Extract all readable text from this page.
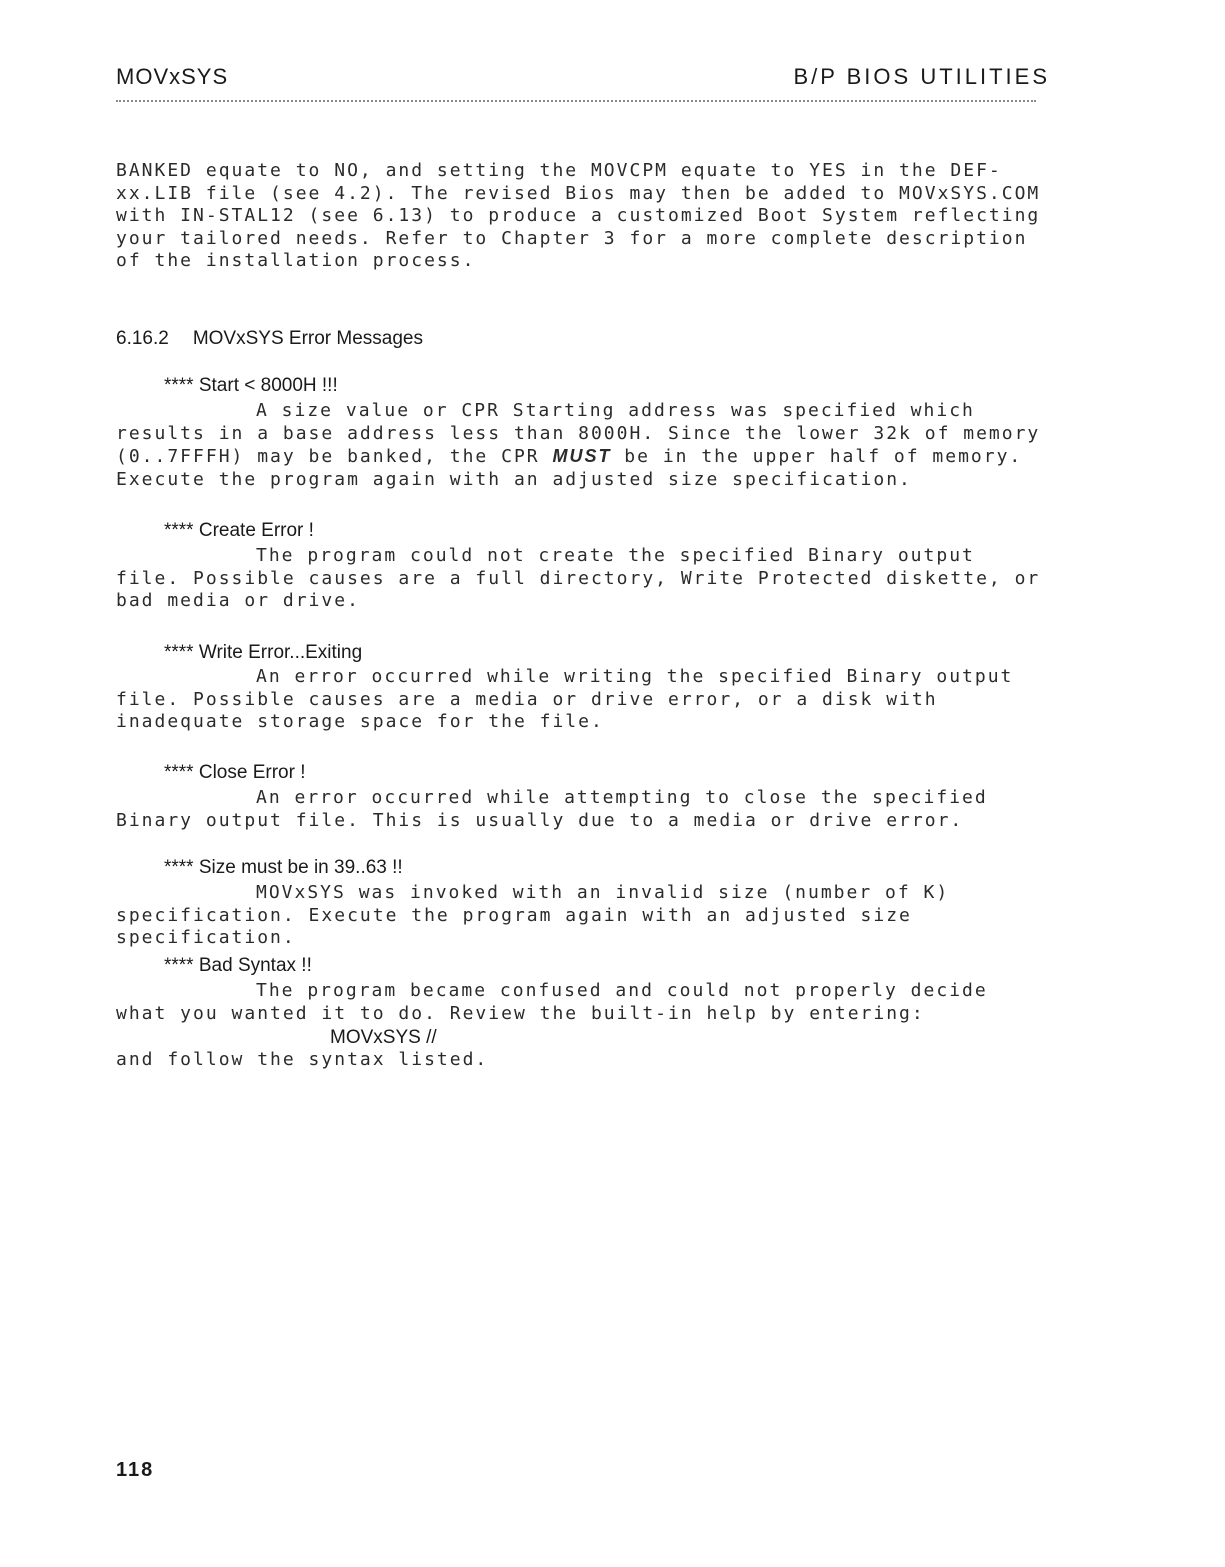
MOVxSYS	B/P BIOS UTILITIES
BANKED equate to NO, and setting the MOVCPM equate to YES in the DEF-xx.LIB file (see 4.2). The revised Bios may then be added to MOVxSYS.COM with IN-STAL12 (see 6.13) to produce a customized Boot System reflecting your tailored needs. Refer to Chapter 3 for a more complete description of the installation process.
6.16.2 MOVxSYS Error Messages
**** Start < 8000H !!!
A size value or CPR Starting address was specified which results in a base address less than 8000H. Since the lower 32k of memory (0..7FFFH) may be banked, the CPR MUST be in the upper half of memory. Execute the program again with an adjusted size specification.
**** Create Error !
The program could not create the specified Binary output file. Possible causes are a full directory, Write Protected diskette, or bad media or drive.
**** Write Error...Exiting
An error occurred while writing the specified Binary output file. Possible causes are a media or drive error, or a disk with inadequate storage space for the file.
**** Close Error !
An error occurred while attempting to close the specified Binary output file. This is usually due to a media or drive error.
**** Size must be in 39..63 !!
MOVxSYS was invoked with an invalid size (number of K) specification. Execute the program again with an adjusted size specification.
**** Bad Syntax !!
The program became confused and could not properly decide what you wanted it to do. Review the built-in help by entering:
MOVxSYS //
and follow the syntax listed.
118
